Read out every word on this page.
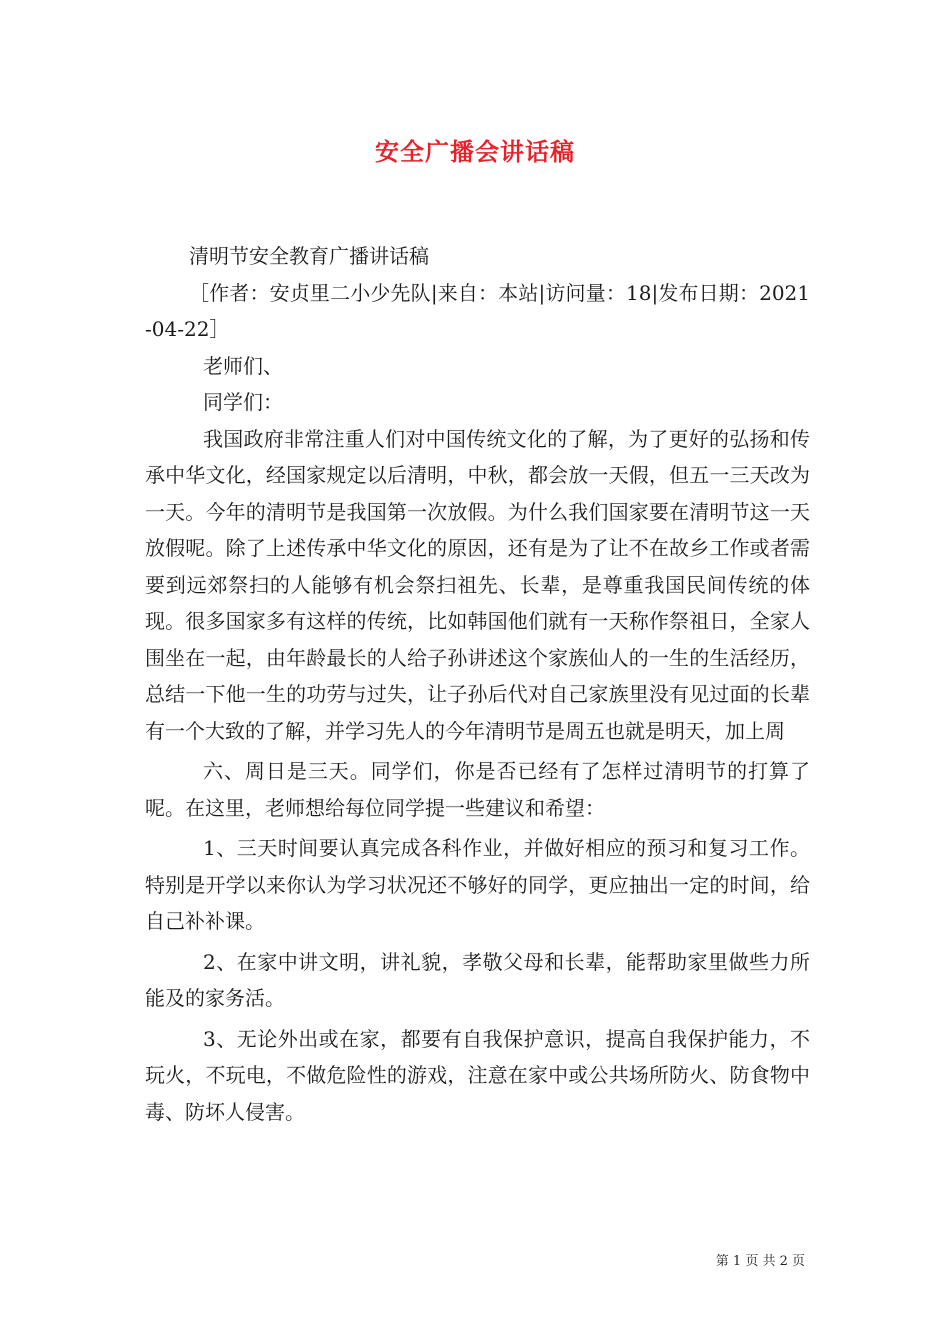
安全广播会讲话稿

清明节安全教育广播讲话稿

［作者：安贞里二小少先队|来自：本站|访问量：18|发布日期：2021-04-22］

老师们、

同学们：

我国政府非常注重人们对中国传统文化的了解，为了更好的弘扬和传承中华文化，经国家规定以后清明，中秋，都会放一天假，但五一三天改为一天。今年的清明节是我国第一次放假。为什么我们国家要在清明节这一天放假呢。除了上述传承中华文化的原因，还有是为了让不在故乡工作或者需要到远郊祭扫的人能够有机会祭扫祖先、长辈，是尊重我国民间传统的体现。很多国家多有这样的传统，比如韩国他们就有一天称作祭祖日，全家人围坐在一起，由年龄最长的人给子孙讲述这个家族仙人的一生的生活经历，总结一下他一生的功劳与过失，让子孙后代对自己家族里没有见过面的长辈有一个大致的了解，并学习先人的今年清明节是周五也就是明天，加上周

六、周日是三天。同学们，你是否已经有了怎样过清明节的打算了呢。在这里，老师想给每位同学提一些建议和希望：

1、三天时间要认真完成各科作业，并做好相应的预习和复习工作。特别是开学以来你认为学习状况还不够好的同学，更应抽出一定的时间，给自己补补课。

2、在家中讲文明，讲礼貌，孝敬父母和长辈，能帮助家里做些力所能及的家务活。

3、无论外出或在家，都要有自我保护意识，提高自我保护能力，不玩火，不玩电，不做危险性的游戏，注意在家中或公共场所防火、防食物中毒、防坏人侵害。

第 1 页 共 2 页
